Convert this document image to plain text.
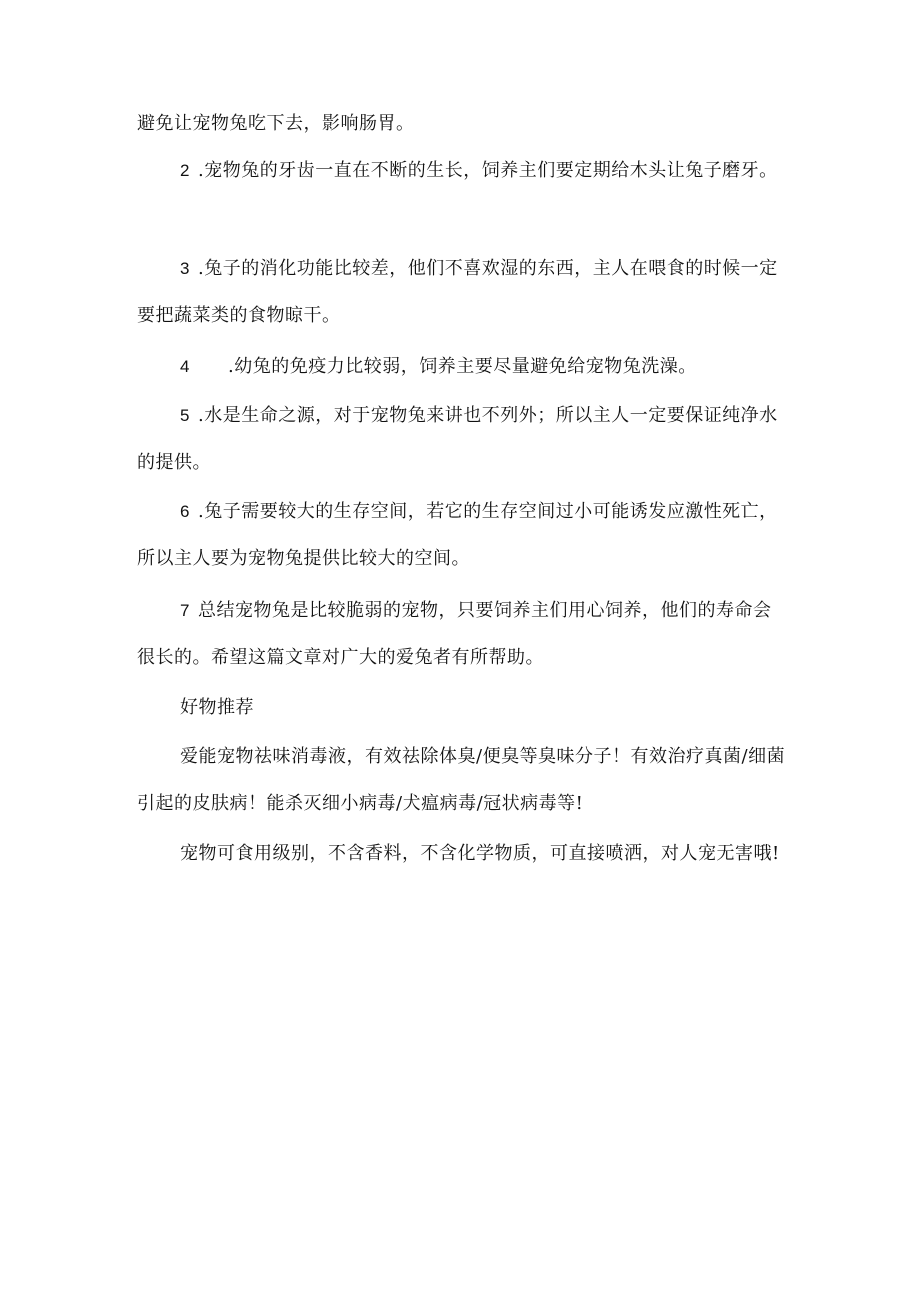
避免让宠物兔吃下去，影响肠胃。
2 .宠物兔的牙齿一直在不断的生长，饲养主们要定期给木头让兔子磨牙。
3 .兔子的消化功能比较差，他们不喜欢湿的东西，主人在喂食的时候一定要把蔬菜类的食物晾干。
4 .幼兔的免疫力比较弱，饲养主要尽量避免给宠物兔洗澡。
5 .水是生命之源，对于宠物兔来讲也不列外；所以主人一定要保证纯净水的提供。
6 .兔子需要较大的生存空间，若它的生存空间过小可能诱发应激性死亡，所以主人要为宠物兔提供比较大的空间。
7 总结宠物兔是比较脆弱的宠物，只要饲养主们用心饲养，他们的寿命会很长的。希望这篇文章对广大的爱兔者有所帮助。
好物推荐
爱能宠物祛味消毒液，有效祛除体臭/便臭等臭味分子！有效治疗真菌/细菌引起的皮肤病！能杀灭细小病毒/犬瘟病毒/冠状病毒等!
宠物可食用级别，不含香料，不含化学物质，可直接喷洒，对人宠无害哦!
